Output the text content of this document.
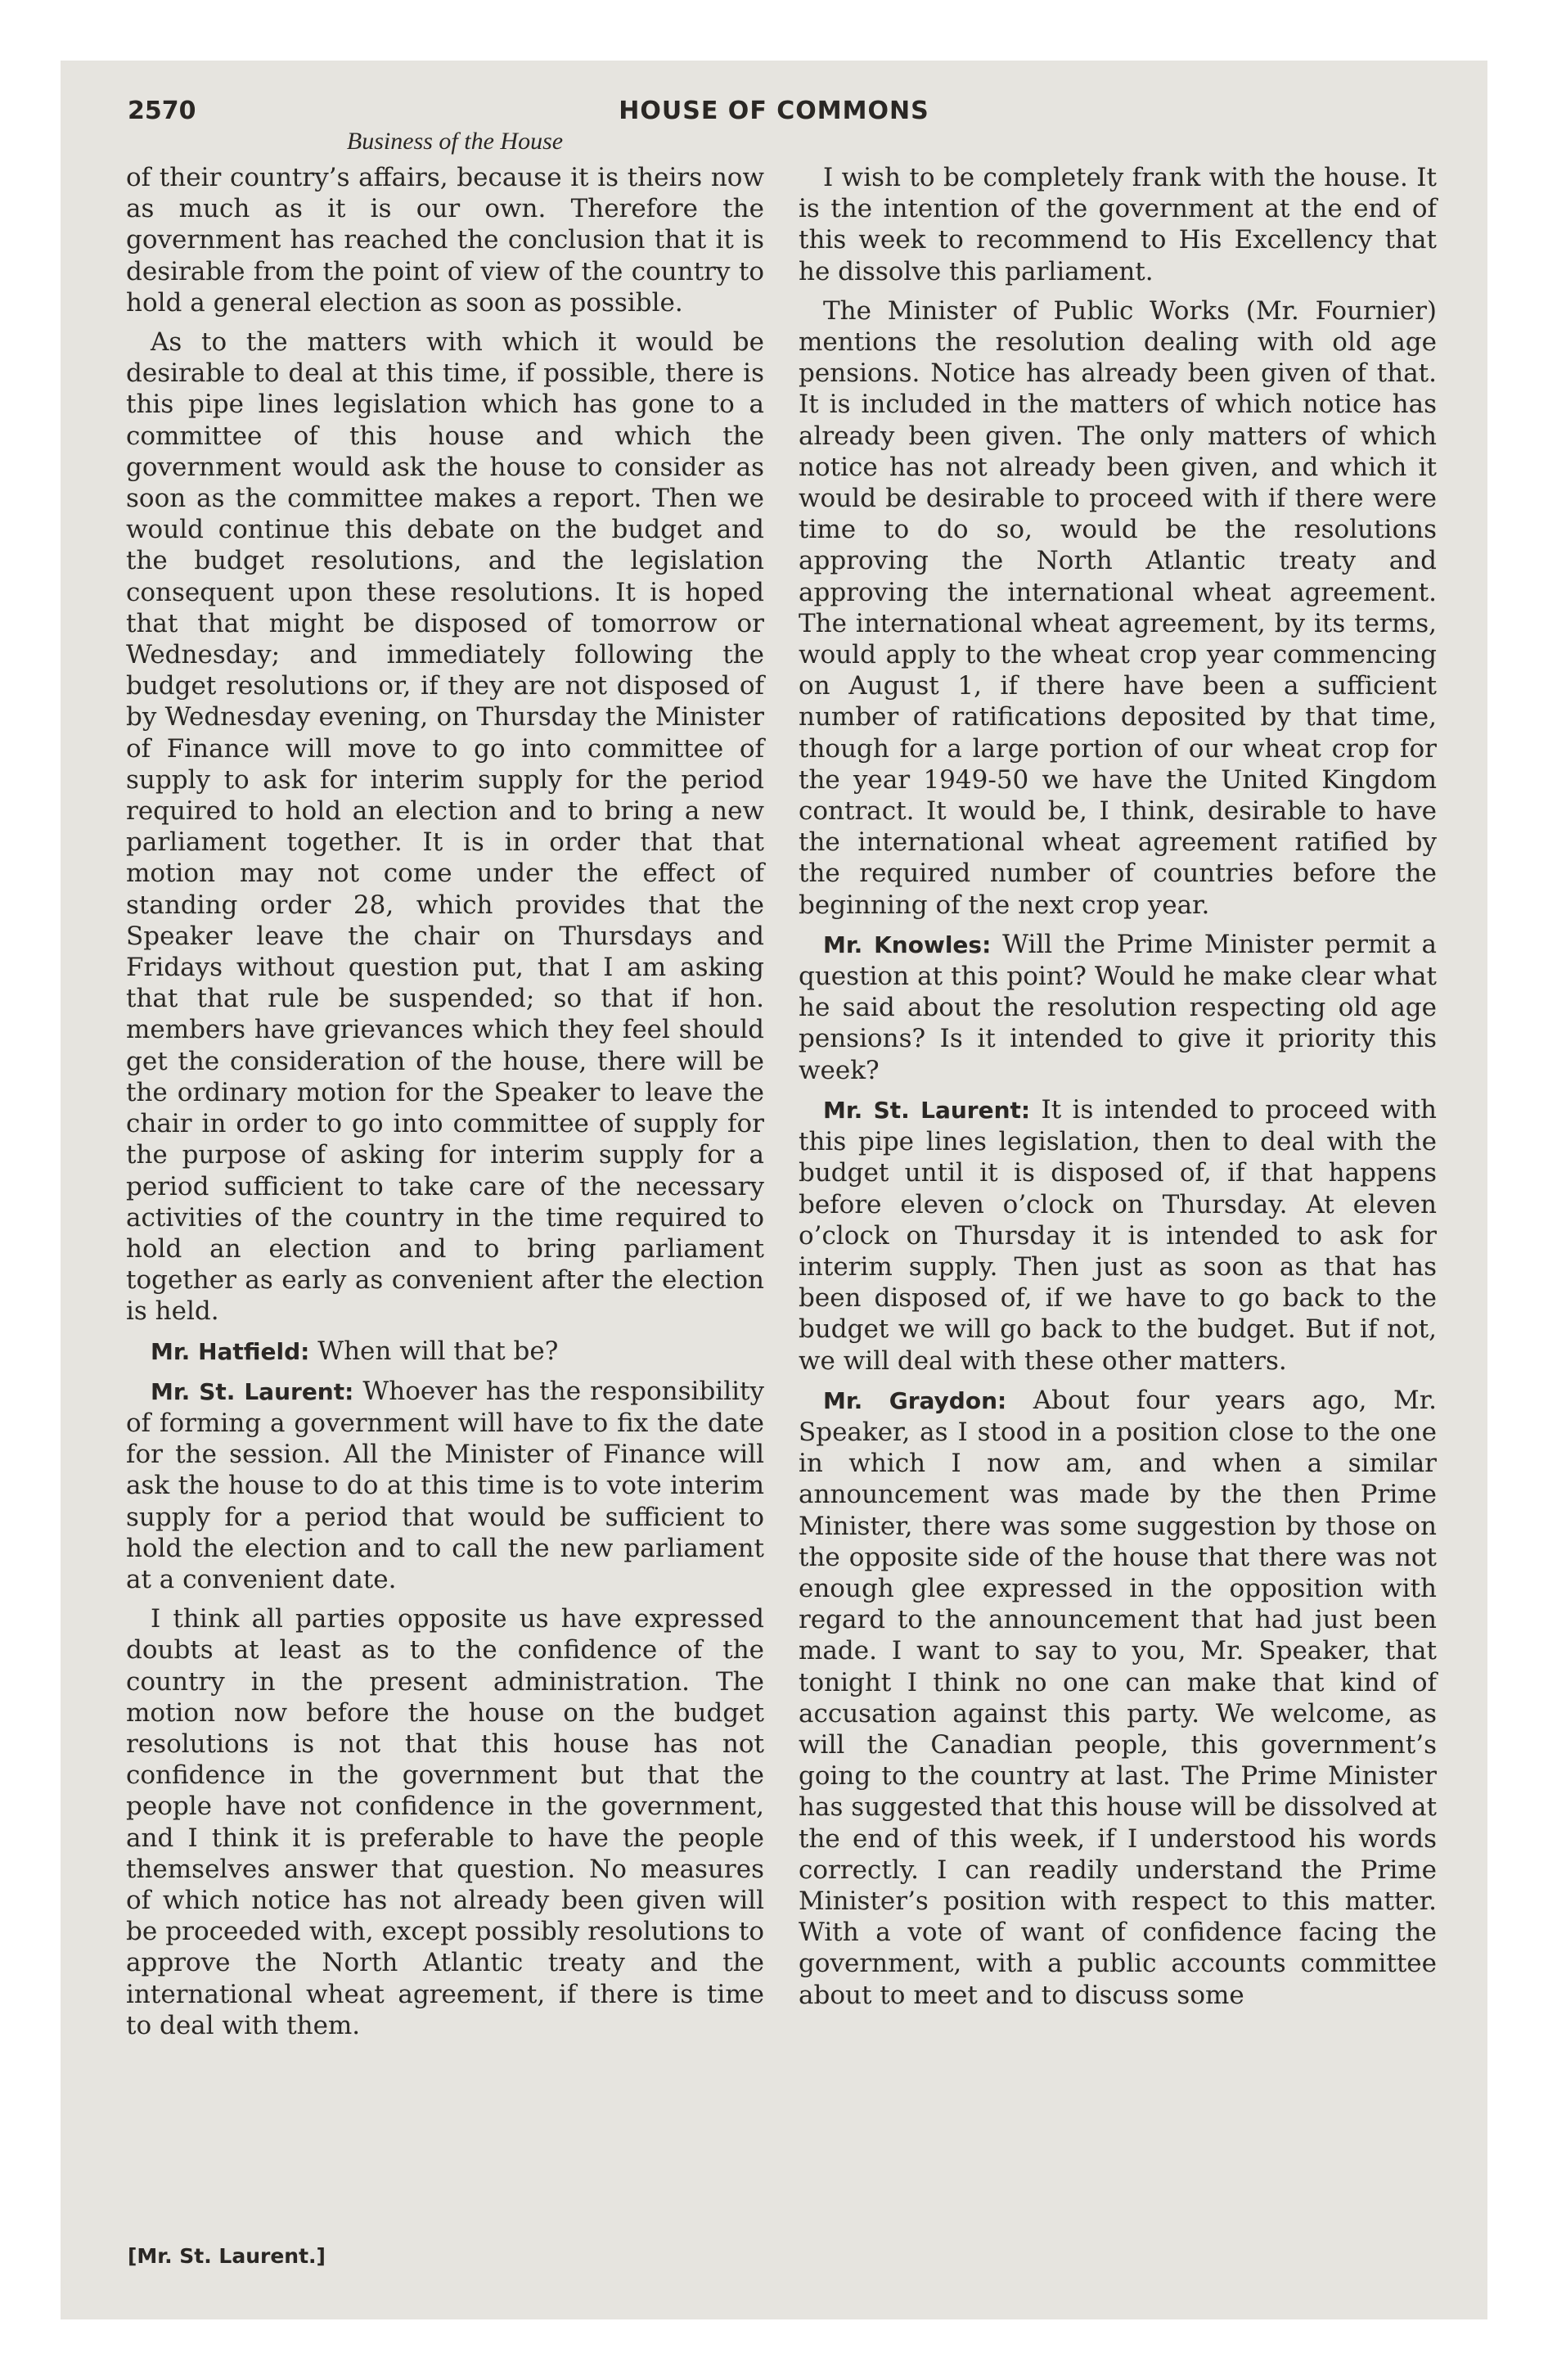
2570	HOUSE OF COMMONS
Business of the House

of their country’s affairs, because it is theirs now as much as it is our own. Therefore the government has reached the conclusion that it is desirable from the point of view of the country to hold a general election as soon as possible.

As to the matters with which it would be desirable to deal at this time, if possible, there is this pipe lines legislation which has gone to a committee of this house and which the government would ask the house to consider as soon as the committee makes a report. Then we would continue this debate on the budget and the budget resolutions, and the legislation consequent upon these resolutions. It is hoped that that might be disposed of tomorrow or Wednesday; and immediately following the budget resolutions or, if they are not disposed of by Wednesday evening, on Thursday the Minister of Finance will move to go into committee of supply to ask for interim supply for the period required to hold an election and to bring a new parliament together. It is in order that that motion may not come under the effect of standing order 28, which provides that the Speaker leave the chair on Thursdays and Fridays without question put, that I am asking that that rule be suspended; so that if hon. members have grievances which they feel should get the consideration of the house, there will be the ordinary motion for the Speaker to leave the chair in order to go into committee of supply for the purpose of asking for interim supply for a period sufficient to take care of the necessary activities of the country in the time required to hold an election and to bring parliament together as early as convenient after the election is held.

Mr. Hatfield: When will that be?

Mr. St. Laurent: Whoever has the responsibility of forming a government will have to fix the date for the session. All the Minister of Finance will ask the house to do at this time is to vote interim supply for a period that would be sufficient to hold the election and to call the new parliament at a convenient date.

I think all parties opposite us have expressed doubts at least as to the confidence of the country in the present administration. The motion now before the house on the budget resolutions is not that this house has not confidence in the government but that the people have not confidence in the government, and I think it is preferable to have the people themselves answer that question. No measures of which notice has not already been given will be proceeded with, except possibly resolutions to approve the North Atlantic treaty and the international wheat agreement, if there is time to deal with them.

I wish to be completely frank with the house. It is the intention of the government at the end of this week to recommend to His Excellency that he dissolve this parliament.

The Minister of Public Works (Mr. Fournier) mentions the resolution dealing with old age pensions. Notice has already been given of that. It is included in the matters of which notice has already been given. The only matters of which notice has not already been given, and which it would be desirable to proceed with if there were time to do so, would be the resolutions approving the North Atlantic treaty and approving the international wheat agreement. The international wheat agreement, by its terms, would apply to the wheat crop year commencing on August 1, if there have been a sufficient number of ratifications deposited by that time, though for a large portion of our wheat crop for the year 1949-50 we have the United Kingdom contract. It would be, I think, desirable to have the international wheat agreement ratified by the required number of countries before the beginning of the next crop year.

Mr. Knowles: Will the Prime Minister permit a question at this point? Would he make clear what he said about the resolution respecting old age pensions? Is it intended to give it priority this week?

Mr. St. Laurent: It is intended to proceed with this pipe lines legislation, then to deal with the budget until it is disposed of, if that happens before eleven o’clock on Thursday. At eleven o’clock on Thursday it is intended to ask for interim supply. Then just as soon as that has been disposed of, if we have to go back to the budget we will go back to the budget. But if not, we will deal with these other matters.

Mr. Graydon: About four years ago, Mr. Speaker, as I stood in a position close to the one in which I now am, and when a similar announcement was made by the then Prime Minister, there was some suggestion by those on the opposite side of the house that there was not enough glee expressed in the opposition with regard to the announcement that had just been made. I want to say to you, Mr. Speaker, that tonight I think no one can make that kind of accusation against this party. We welcome, as will the Canadian people, this government’s going to the country at last. The Prime Minister has suggested that this house will be dissolved at the end of this week, if I understood his words correctly. I can readily understand the Prime Minister’s position with respect to this matter. With a vote of want of confidence facing the government, with a public accounts committee about to meet and to discuss some

[Mr. St. Laurent.]
